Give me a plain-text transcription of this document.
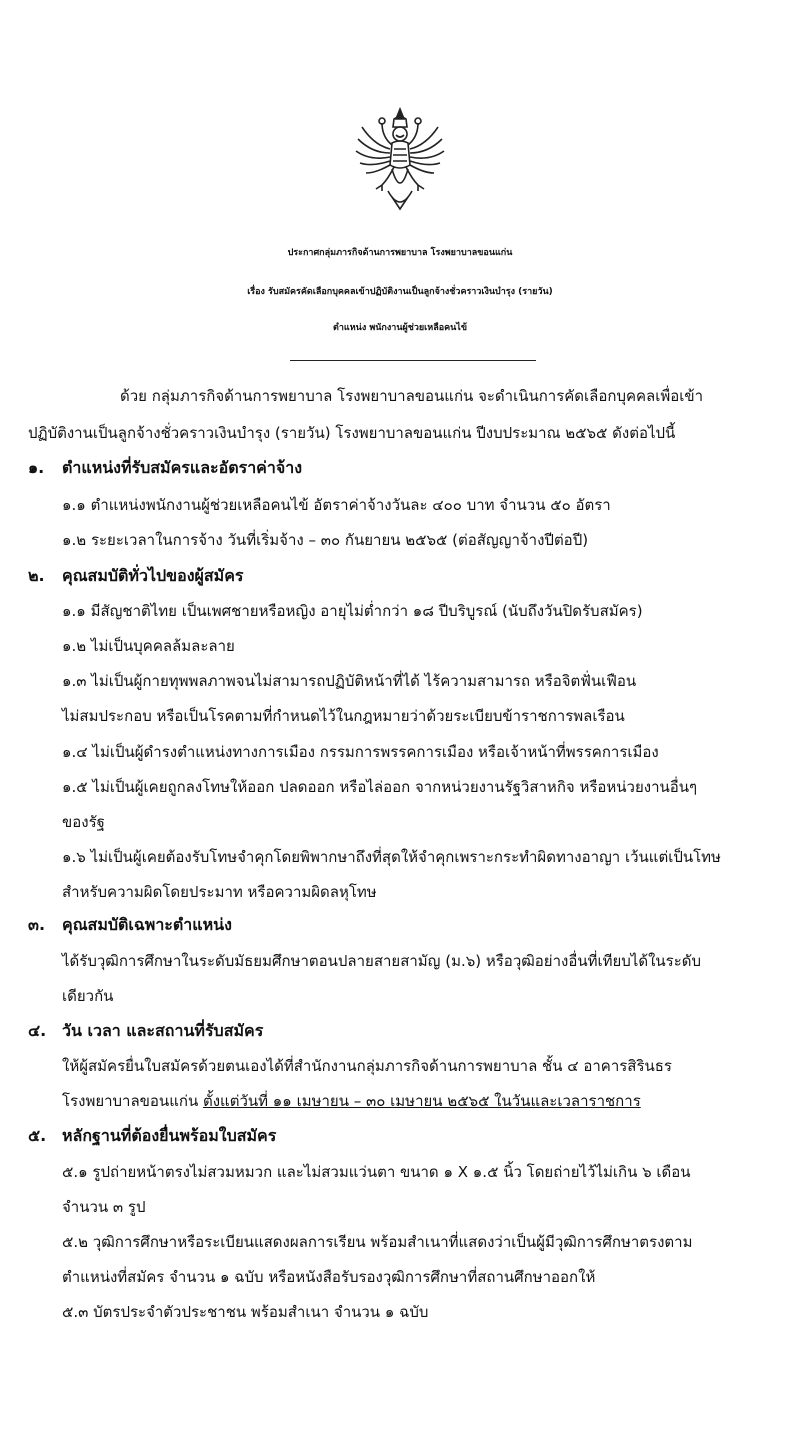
ประกาศกลุ่มภารกิจด้านการพยาบาล โรงพยาบาลขอนแก่น
เรื่อง รับสมัครคัดเลือกบุคคลเข้าปฏิบัติงานเป็นลูกจ้างชั่วคราวเงินบำรุง (รายวัน)
ตำแหน่ง พนักงานผู้ช่วยเหลือคนไข้
ด้วย กลุ่มภารกิจด้านการพยาบาล โรงพยาบาลขอนแก่น จะดำเนินการคัดเลือกบุคคลเพื่อเข้า
ปฏิบัติงานเป็นลูกจ้างชั่วคราวเงินบำรุง (รายวัน) โรงพยาบาลขอนแก่น ปีงบประมาณ ๒๕๖๕ ดังต่อไปนี้
๑. ตำแหน่งที่รับสมัครและอัตราค่าจ้าง
๑.๑ ตำแหน่งพนักงานผู้ช่วยเหลือคนไข้ อัตราค่าจ้างวันละ ๔๐๐ บาท จำนวน ๕๐ อัตรา
๑.๒ ระยะเวลาในการจ้าง วันที่เริ่มจ้าง – ๓๐ กันยายน ๒๕๖๕ (ต่อสัญญาจ้างปีต่อปี)
๒. คุณสมบัติทั่วไปของผู้สมัคร
๑.๑ มีสัญชาติไทย เป็นเพศชายหรือหญิง อายุไม่ต่ำกว่า ๑๘ ปีบริบูรณ์ (นับถึงวันปิดรับสมัคร)
๑.๒ ไม่เป็นบุคคลล้มละลาย
๑.๓ ไม่เป็นผู้กายทุพพลภาพจนไม่สามารถปฏิบัติหน้าที่ได้ ไร้ความสามารถ หรือจิตฟั่นเฟือน
ไม่สมประกอบ หรือเป็นโรคตามที่กำหนดไว้ในกฎหมายว่าด้วยระเบียบข้าราชการพลเรือน
๑.๔ ไม่เป็นผู้ดำรงตำแหน่งทางการเมือง กรรมการพรรคการเมือง หรือเจ้าหน้าที่พรรคการเมือง
๑.๕ ไม่เป็นผู้เคยถูกลงโทษให้ออก ปลดออก หรือไล่ออก จากหน่วยงานรัฐวิสาหกิจ หรือหน่วยงานอื่นๆ
ของรัฐ
๑.๖ ไม่เป็นผู้เคยต้องรับโทษจำคุกโดยพิพากษาถึงที่สุดให้จำคุกเพราะกระทำผิดทางอาญา เว้นแต่เป็นโทษ
สำหรับความผิดโดยประมาท หรือความผิดลหุโทษ
๓. คุณสมบัติเฉพาะตำแหน่ง
ได้รับวุฒิการศึกษาในระดับมัธยมศึกษาตอนปลายสายสามัญ (ม.๖) หรือวุฒิอย่างอื่นที่เทียบได้ในระดับ
เดียวกัน
๔. วัน เวลา และสถานที่รับสมัคร
ให้ผู้สมัครยื่นใบสมัครด้วยตนเองได้ที่สำนักงานกลุ่มภารกิจด้านการพยาบาล ชั้น ๔ อาคารสิรินธร
โรงพยาบาลขอนแก่น ตั้งแต่วันที่ ๑๑ เมษายน – ๓๐ เมษายน ๒๕๖๕ ในวันและเวลาราชการ
๕. หลักฐานที่ต้องยื่นพร้อมใบสมัคร
๕.๑ รูปถ่ายหน้าตรงไม่สวมหมวก และไม่สวมแว่นตา ขนาด ๑ X ๑.๕ นิ้ว โดยถ่ายไว้ไม่เกิน ๖ เดือน
จำนวน ๓ รูป
๕.๒ วุฒิการศึกษาหรือระเบียนแสดงผลการเรียน พร้อมสำเนาที่แสดงว่าเป็นผู้มีวุฒิการศึกษาตรงตาม
ตำแหน่งที่สมัคร จำนวน ๑ ฉบับ หรือหนังสือรับรองวุฒิการศึกษาที่สถานศึกษาออกให้
๕.๓ บัตรประจำตัวประชาชน พร้อมสำเนา จำนวน ๑ ฉบับ
